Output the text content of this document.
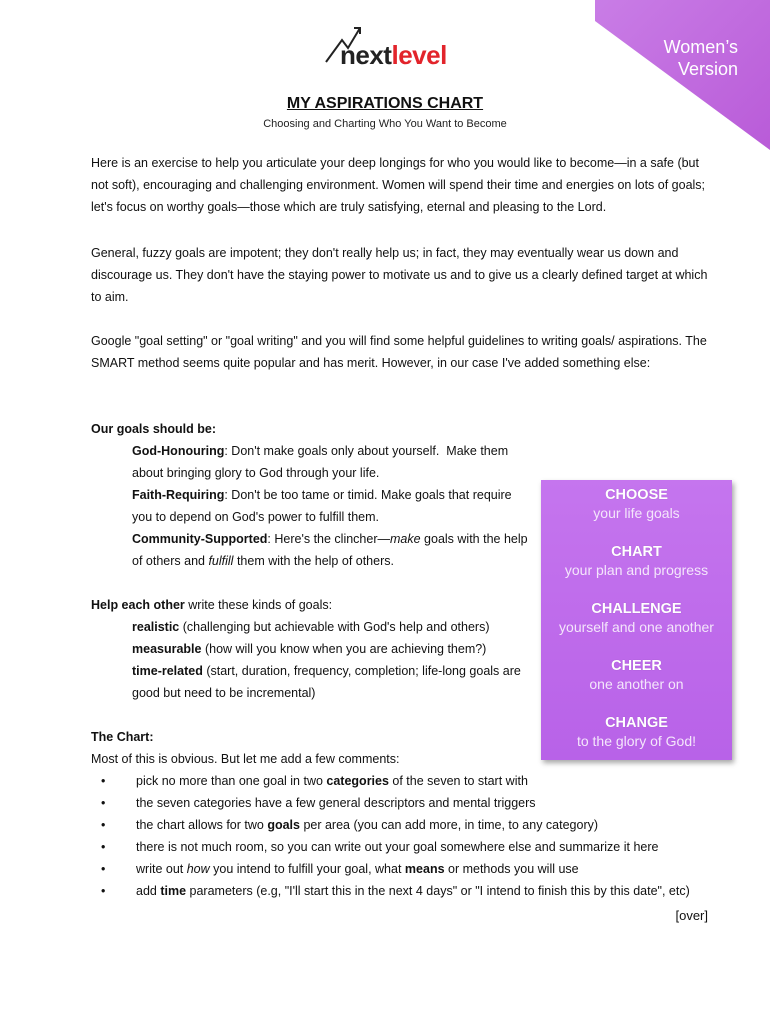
nextlevel	Women’s
Version
MY ASPIRATIONS CHART
Choosing and Charting Who You Want to Become
Here is an exercise to help you articulate your deep longings for who you would like to become—in a safe (but not soft), encouraging and challenging environment. Women will spend their time and energies on lots of goals; let's focus on worthy goals—those which are truly satisfying, eternal and pleasing to the Lord.
General, fuzzy goals are impotent; they don't really help us; in fact, they may eventually wear us down and discourage us. They don't have the staying power to motivate us and to give us a clearly defined target at which to aim.
Google "goal setting" or "goal writing" and you will find some helpful guidelines to writing goals/ aspirations. The SMART method seems quite popular and has merit. However, in our case I've added something else:
Our goals should be:
God-Honouring: Don't make goals only about yourself.  Make them about bringing glory to God through your life.
Faith-Requiring: Don't be too tame or timid. Make goals that require you to depend on God's power to fulfill them.
Community-Supported: Here's the clincher—make goals with the help of others and fulfill them with the help of others.
Help each other write these kinds of goals:
realistic (challenging but achievable with God's help and others)
measurable (how will you know when you are achieving them?)
time-related (start, duration, frequency, completion; life-long goals are good but need to be incremental)
The Chart:
Most of this is obvious. But let me add a few comments:
• pick no more than one goal in two categories of the seven to start with
• the seven categories have a few general descriptors and mental triggers
• the chart allows for two goals per area (you can add more, in time, to any category)
• there is not much room, so you can write out your goal somewhere else and summarize it here
• write out how you intend to fulfill your goal, what means or methods you will use
• add time parameters (e.g, "I'll start this in the next 4 days" or "I intend to finish this by this date", etc)
CHOOSE
your life goals
CHART
your plan and progress
CHALLENGE
yourself and one another
CHEER
one another on
CHANGE
to the glory of God!
[over]
